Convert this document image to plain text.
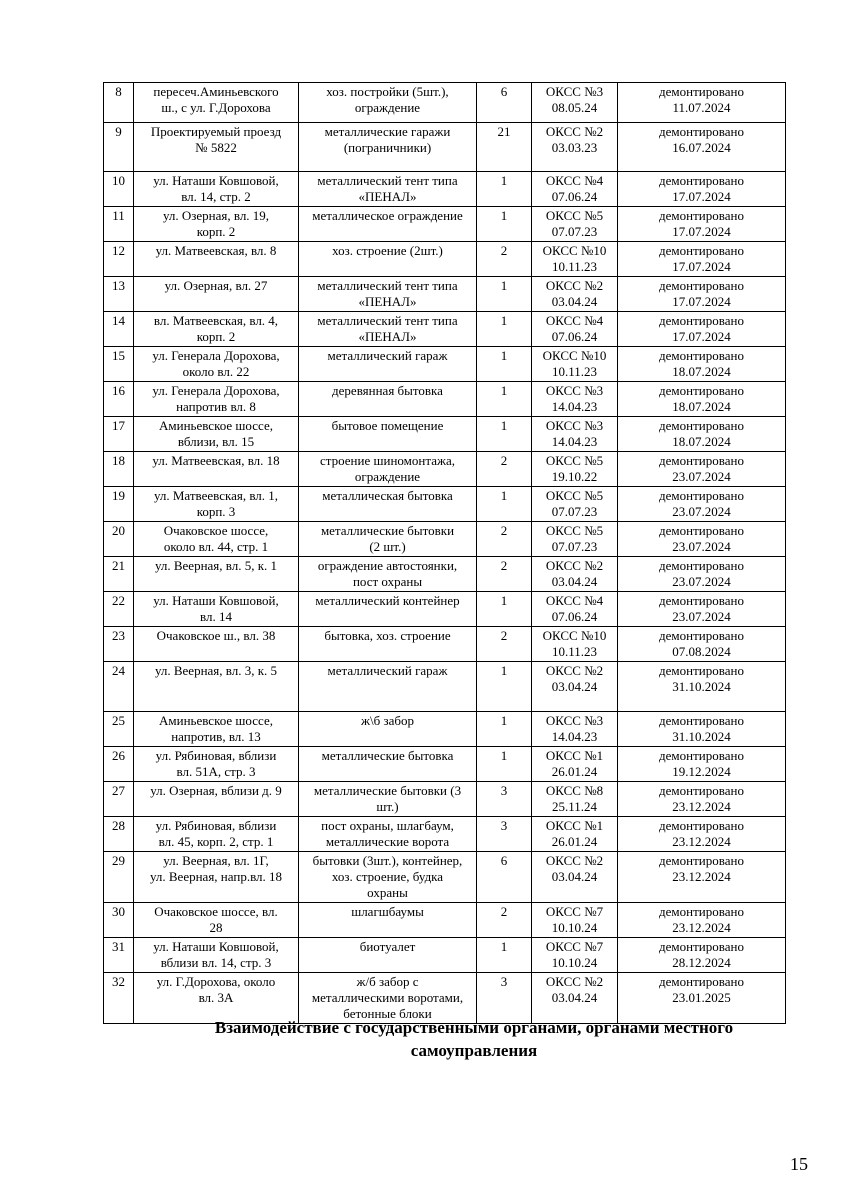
8	пересеч.Аминьевского
ш., с ул. Г.Дорохова	хоз. постройки (5шт.),
ограждение	6	ОКСС №3
08.05.24	демонтировано
11.07.2024
9	Проектируемый проезд
№ 5822	металлические гаражи
(пограничники)	21	ОКСС №2
03.03.23	демонтировано
16.07.2024
10	ул. Наташи Ковшовой,
вл. 14, стр. 2	металлический тент типа
«ПЕНАЛ»	1	ОКСС №4
07.06.24	демонтировано
17.07.2024
11	ул. Озерная, вл. 19,
корп. 2	металлическое ограждение	1	ОКСС №5
07.07.23	демонтировано
17.07.2024
12	ул. Матвеевская, вл. 8	хоз. строение (2шт.)	2	ОКСС №10
10.11.23	демонтировано
17.07.2024
13	ул. Озерная, вл. 27	металлический тент типа
«ПЕНАЛ»	1	ОКСС №2
03.04.24	демонтировано
17.07.2024
14	вл. Матвеевская, вл. 4,
корп. 2	металлический тент типа
«ПЕНАЛ»	1	ОКСС №4
07.06.24	демонтировано
17.07.2024
15	ул. Генерала Дорохова,
около вл. 22	металлический гараж	1	ОКСС №10
10.11.23	демонтировано
18.07.2024
16	ул. Генерала Дорохова,
напротив вл. 8	деревянная бытовка	1	ОКСС №3
14.04.23	демонтировано
18.07.2024
17	Аминьевское шоссе,
вблизи, вл. 15	бытовое помещение	1	ОКСС №3
14.04.23	демонтировано
18.07.2024
18	ул. Матвеевская, вл. 18	строение шиномонтажа,
ограждение	2	ОКСС №5
19.10.22	демонтировано
23.07.2024
19	ул. Матвеевская, вл. 1,
корп. 3	металлическая бытовка	1	ОКСС №5
07.07.23	демонтировано
23.07.2024
20	Очаковское шоссе,
около вл. 44, стр. 1	металлические бытовки
(2 шт.)	2	ОКСС №5
07.07.23	демонтировано
23.07.2024
21	ул. Веерная, вл. 5, к. 1	ограждение автостоянки,
пост охраны	2	ОКСС №2
03.04.24	демонтировано
23.07.2024
22	ул. Наташи Ковшовой,
вл. 14	металлический контейнер	1	ОКСС №4
07.06.24	демонтировано
23.07.2024
23	Очаковское ш., вл. 38	бытовка, хоз. строение	2	ОКСС №10
10.11.23	демонтировано
07.08.2024
24	ул. Веерная, вл. 3, к. 5	металлический гараж	1	ОКСС №2
03.04.24	демонтировано
31.10.2024
25	Аминьевское шоссе,
напротив, вл. 13	ж\б забор	1	ОКСС №3
14.04.23	демонтировано
31.10.2024
26	ул. Рябиновая, вблизи
вл. 51А, стр. 3	металлические бытовка	1	ОКСС №1
26.01.24	демонтировано
19.12.2024
27	ул. Озерная, вблизи д. 9	металлические бытовки (3
шт.)	3	ОКСС №8
25.11.24	демонтировано
23.12.2024
28	ул. Рябиновая, вблизи
вл. 45, корп. 2, стр. 1	пост охраны, шлагбаум,
металлические ворота	3	ОКСС №1
26.01.24	демонтировано
23.12.2024
29	ул. Веерная, вл. 1Г,
ул. Веерная, напр.вл. 18	бытовки (3шт.), контейнер,
хоз. строение, будка
охраны	6	ОКСС №2
03.04.24	демонтировано
23.12.2024
30	Очаковское шоссе, вл.
28	шлагшбаумы	2	ОКСС №7
10.10.24	демонтировано
23.12.2024
31	ул. Наташи Ковшовой,
вблизи вл. 14, стр. 3	биотуалет	1	ОКСС №7
10.10.24	демонтировано
28.12.2024
32	ул. Г.Дорохова, около
вл. 3А	ж/б забор с
металлическими воротами,
бетонные блоки	3	ОКСС №2
03.04.24	демонтировано
23.01.2025
Взаимодействие с государственными органами, органами местного самоуправления
15
